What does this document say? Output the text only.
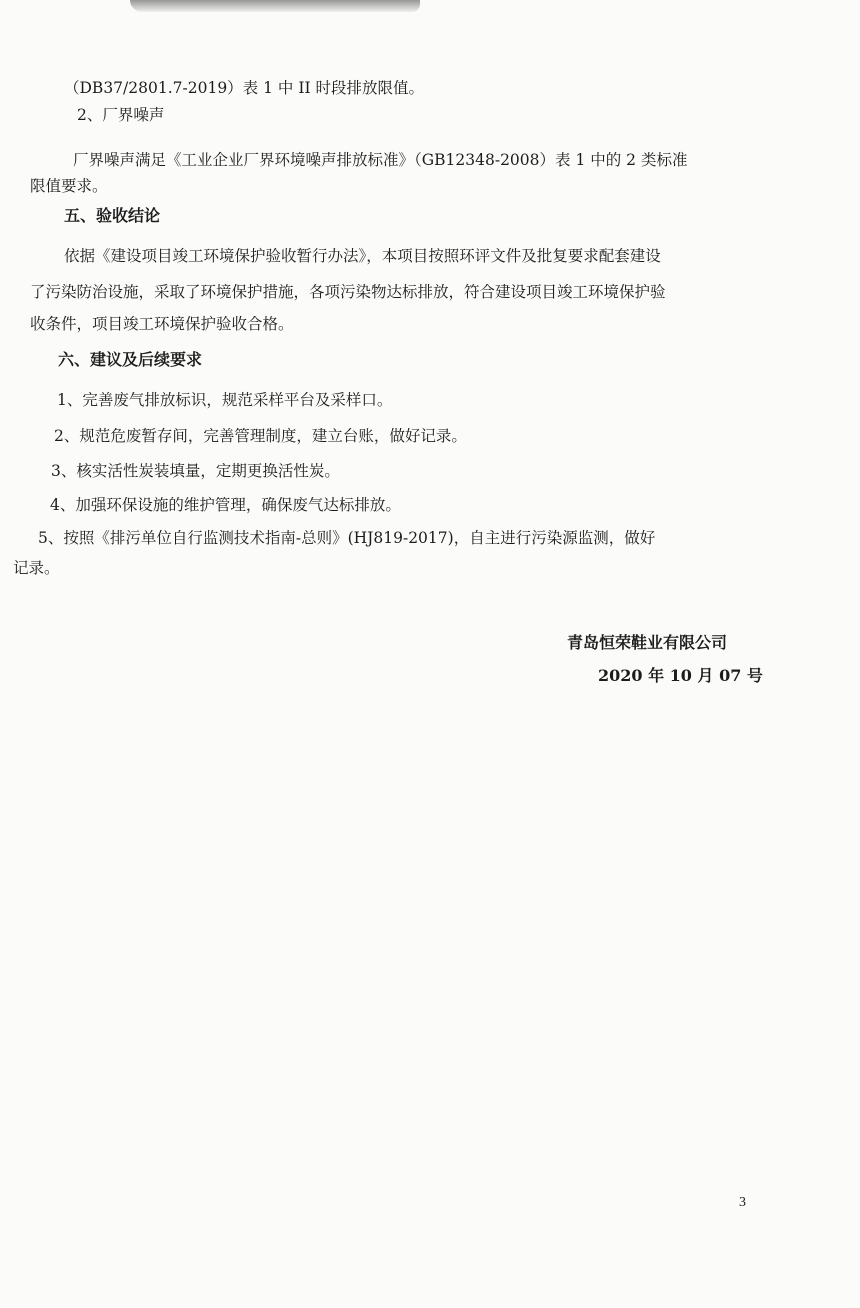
（DB37/2801.7-2019）表 1 中 II 时段排放限值。
2、厂界噪声
厂界噪声满足《工业企业厂界环境噪声排放标准》（GB12348-2008）表 1 中的 2 类标准
限值要求。
五、验收结论
依据《建设项目竣工环境保护验收暂行办法》，本项目按照环评文件及批复要求配套建设
了污染防治设施，采取了环境保护措施，各项污染物达标排放，符合建设项目竣工环境保护验
收条件，项目竣工环境保护验收合格。
六、建议及后续要求
1、完善废气排放标识，规范采样平台及采样口。
2、规范危废暂存间，完善管理制度，建立台账，做好记录。
3、核实活性炭装填量，定期更换活性炭。
4、加强环保设施的维护管理，确保废气达标排放。
5、按照《排污单位自行监测技术指南-总则》(HJ819-2017)，自主进行污染源监测，做好
记录。
青岛恒荣鞋业有限公司
2020 年 10 月 07 号
3
